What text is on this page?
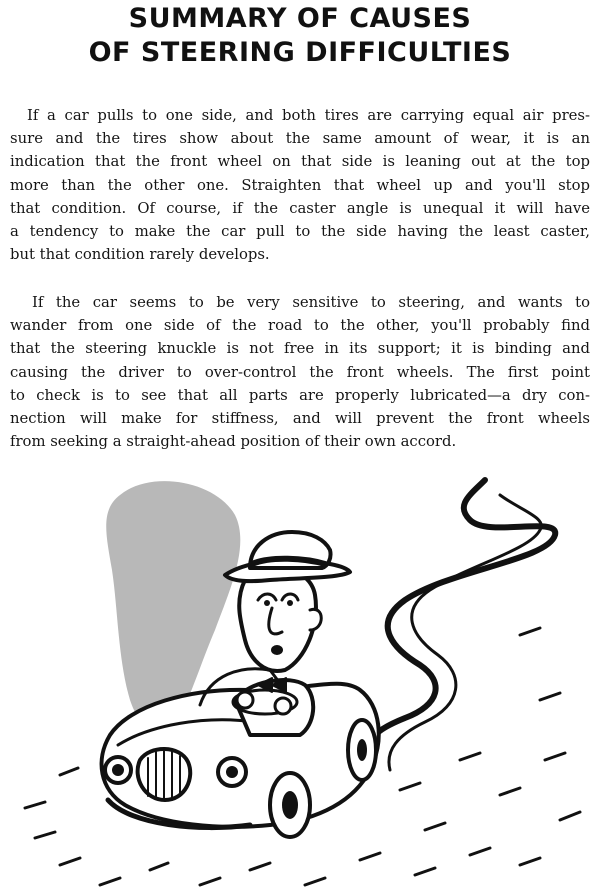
SUMMARY OF CAUSES
OF STEERING DIFFICULTIES
If a car pulls to one side, and both tires are carrying equal air pres-
sure and the tires show about the same amount of wear, it is an
indication that the front wheel on that side is leaning out at the top
more than the other one. Straighten that wheel up and you'll stop
that condition. Of course, if the caster angle is unequal it will have
a tendency to make the car pull to the side having the least caster,
but that condition rarely develops.
If the car seems to be very sensitive to steering, and wants to
wander from one side of the road to the other, you'll probably find
that the steering knuckle is not free in its support; it is binding and
causing the driver to over-control the front wheels. The first point
to check is to see that all parts are properly lubricated—a dry con-
nection will make for stiffness, and will prevent the front wheels
from seeking a straight-ahead position of their own accord.
